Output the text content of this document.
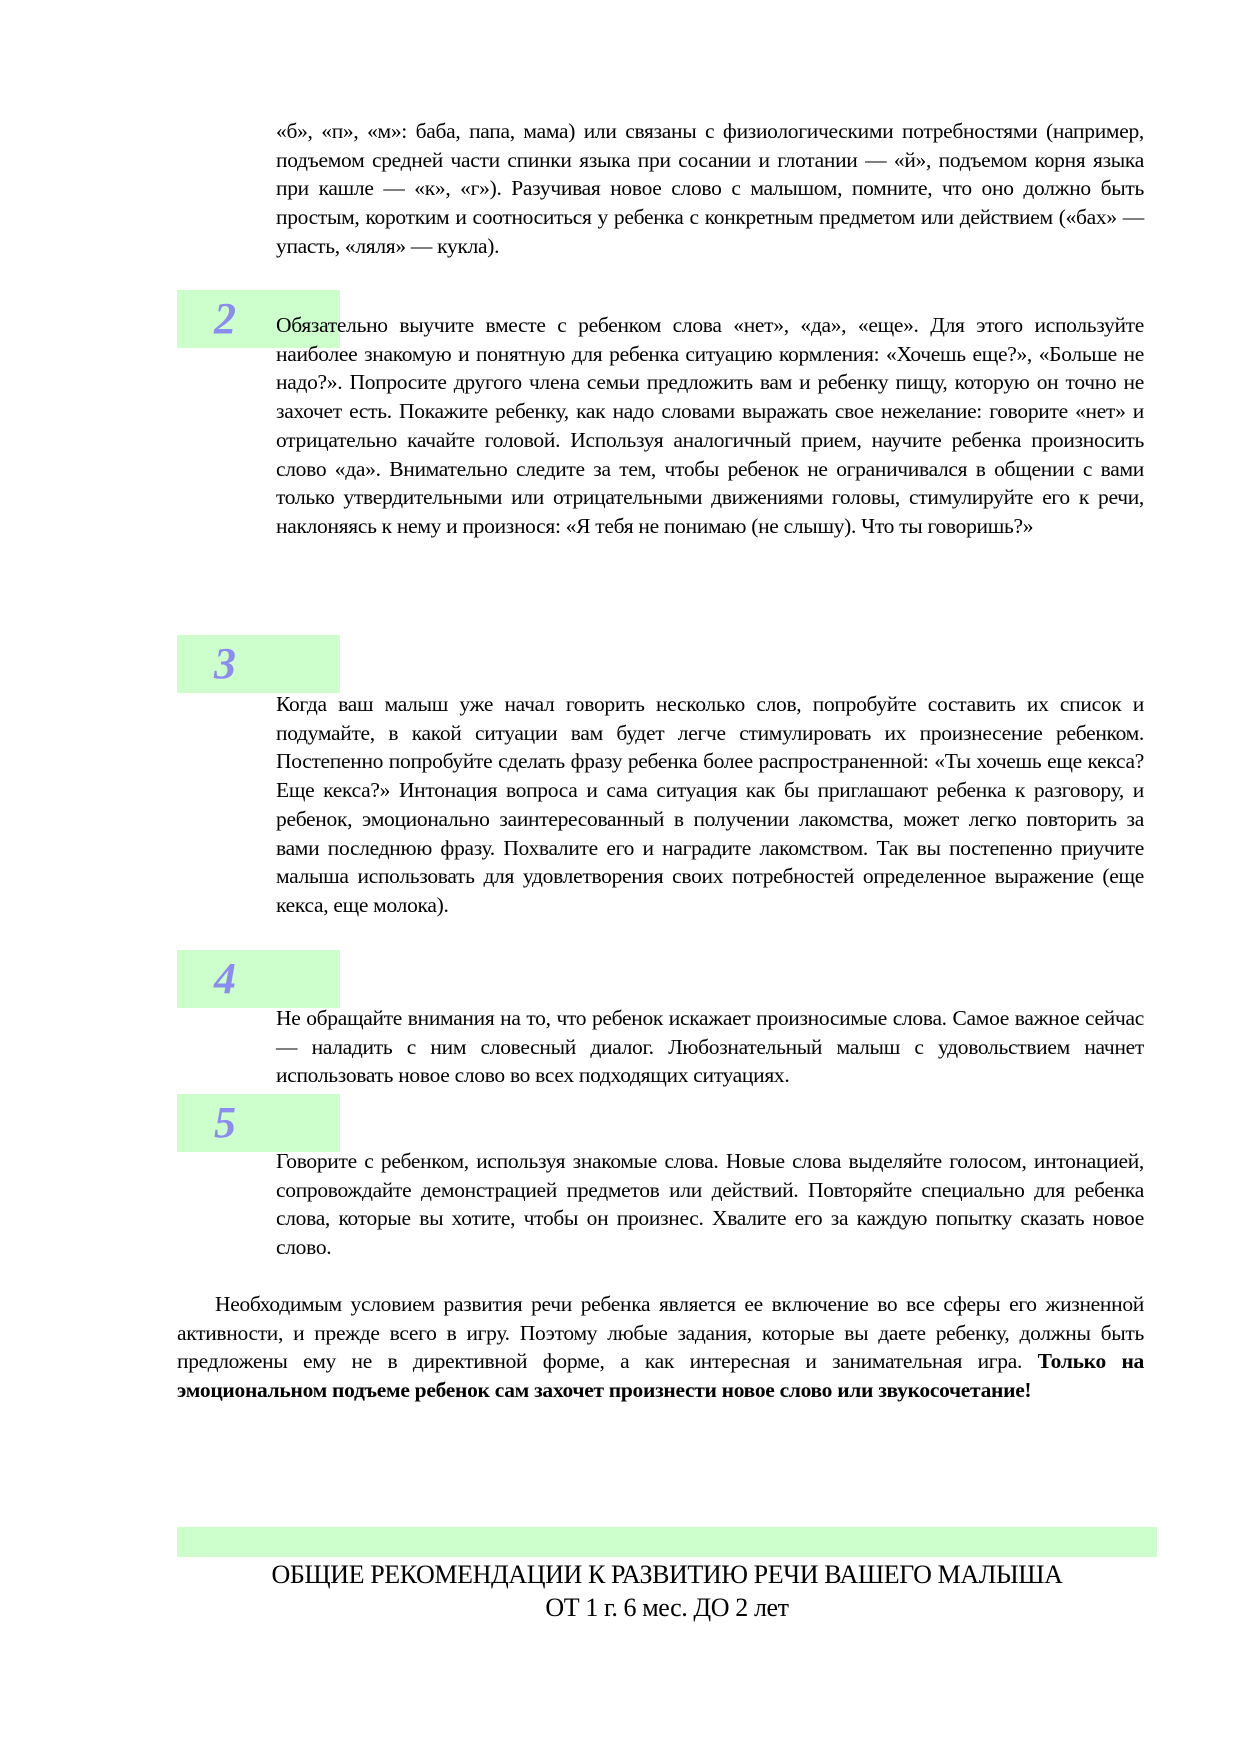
«б», «п», «м»: баба, папа, мама) или связаны с физиологическими потребностями (например, подъемом средней части спинки языка при сосании и глотании — «й», подъемом корня языка при кашле — «к», «г»). Разучивая новое слово с малышом, помните, что оно должно быть простым, коротким и соотноситься у ребенка с конкретным предметом или действием («бах» — упасть, «ляля» — кукла).

2 Обязательно выучите вместе с ребенком слова «нет», «да», «еще». Для этого используйте наиболее знакомую и понятную для ребенка ситуацию кормления: «Хочешь еще?», «Больше не надо?». Попросите другого члена семьи предложить вам и ребенку пищу, которую он точно не захочет есть. Покажите ребенку, как надо словами выражать свое нежелание: говорите «нет» и отрицательно качайте головой. Используя аналогичный прием, научите ребенка произносить слово «да». Внимательно следите за тем, чтобы ребенок не ограничивался в общении с вами только утвердительными или отрицательными движениями головы, стимулируйте его к речи, наклоняясь к нему и произнося: «Я тебя не понимаю (не слышу). Что ты говоришь?»

3

Когда ваш малыш уже начал говорить несколько слов, попробуйте составить их список и подумайте, в какой ситуации вам будет легче стимулировать их произнесение ребенком. Постепенно попробуйте сделать фразу ребенка более распространенной: «Ты хочешь еще кекса? Еще кекса?» Интонация вопроса и сама ситуация как бы приглашают ребенка к разговору, и ребенок, эмоционально заинтересованный в получении лакомства, может легко повторить за вами последнюю фразу. Похвалите его и наградите лакомством. Так вы постепенно приучите малыша использовать для удовлетворения своих потребностей определенное выражение (еще кекса, еще молока).

4

Не обращайте внимания на то, что ребенок искажает произносимые слова. Самое важное сейчас — наладить с ним словесный диалог. Любознательный малыш с удовольствием начнет использовать новое слово во всех подходящих ситуациях.

5

Говорите с ребенком, используя знакомые слова. Новые слова выделяйте голосом, интонацией, сопровождайте демонстрацией предметов или действий. Повторяйте специально для ребенка слова, которые вы хотите, чтобы он произнес. Хвалите его за каждую попытку сказать новое слово.

Необходимым условием развития речи ребенка является ее включение во все сферы его жизненной активности, и прежде всего в игру. Поэтому любые задания, которые вы даете ребенку, должны быть предложены ему не в директивной форме, а как интересная и занимательная игра. Только на эмоциональном подъеме ребенок сам захочет произнести новое слово или звукосочетание!

ОБЩИЕ РЕКОМЕНДАЦИИ К РАЗВИТИЮ РЕЧИ ВАШЕГО МАЛЫША

ОТ 1 г. 6 мес. ДО 2 лет
